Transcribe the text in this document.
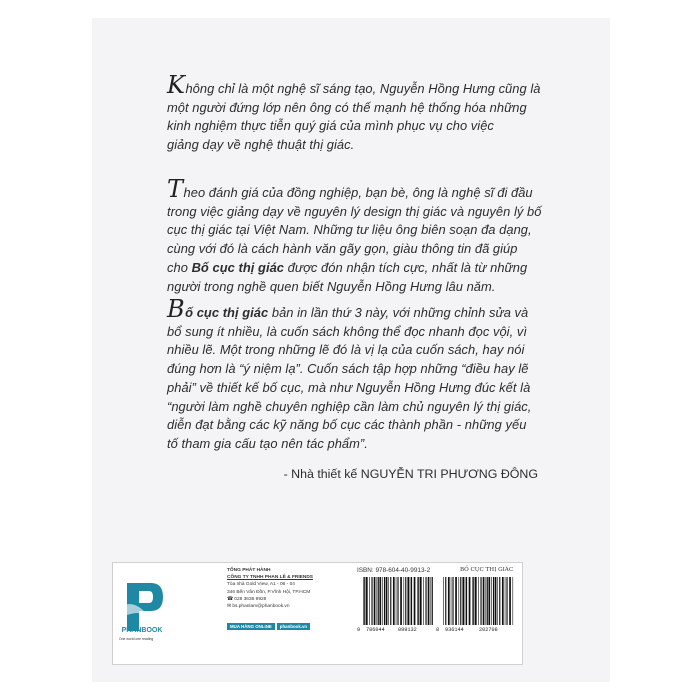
Không chỉ là một nghệ sĩ sáng tạo, Nguyễn Hồng Hưng cũng là
một người đứng lớp nên ông có thế mạnh hệ thống hóa những
kinh nghiệm thực tiễn quý giá của mình phục vụ cho việc
giảng dạy về nghệ thuật thị giác.
Theo đánh giá của đồng nghiệp, bạn bè, ông là nghệ sĩ đi đầu
trong việc giảng dạy về nguyên lý design thị giác và nguyên lý bố
cục thị giác tại Việt Nam. Những tư liệu ông biên soạn đa dạng,
cùng với đó là cách hành văn gãy gọn, giàu thông tin đã giúp
cho Bố cục thị giác được đón nhận tích cực, nhất là từ những
người trong nghề quen biết Nguyễn Hồng Hưng lâu năm.
Bố cục thị giác bản in lần thứ 3 này, với những chỉnh sửa và
bổ sung ít nhiều, là cuốn sách không thể đọc nhanh đọc vội, vì
nhiều lẽ. Một trong những lẽ đó là vị lạ của cuốn sách, hay nói
đúng hơn là “ý niệm lạ”. Cuốn sách tập hợp những “điều hay lẽ
phải” về thiết kế bố cục, mà như Nguyễn Hồng Hưng đúc kết là
“người làm nghề chuyên nghiệp cần làm chủ nguyên lý thị giác,
diễn đạt bằng các kỹ năng bố cục các thành phần - những yếu
tố tham gia cấu tạo nên tác phẩm”.
- Nhà thiết kế NGUYỄN TRI PHƯƠNG ĐÔNG
PHANBOOK
One world one reading
TỔNG PHÁT HÀNH
CÔNG TY TNHH PHAN LÊ & FRIENDS
Tòa nhà Gold View, A1 - 06 - 04
346 Bến Vân Đồn, P.Vĩnh Hội, TP.HCM
☎ 028 3636 9928
✉ bs.phanlam@phanbook.vn
MUA HÀNG ONLINE phanbook.vn
ISBN: 978-604-40-9913-2	BỐ CỤC THỊ GIÁC
9 786044	099132	8 936144	202708
